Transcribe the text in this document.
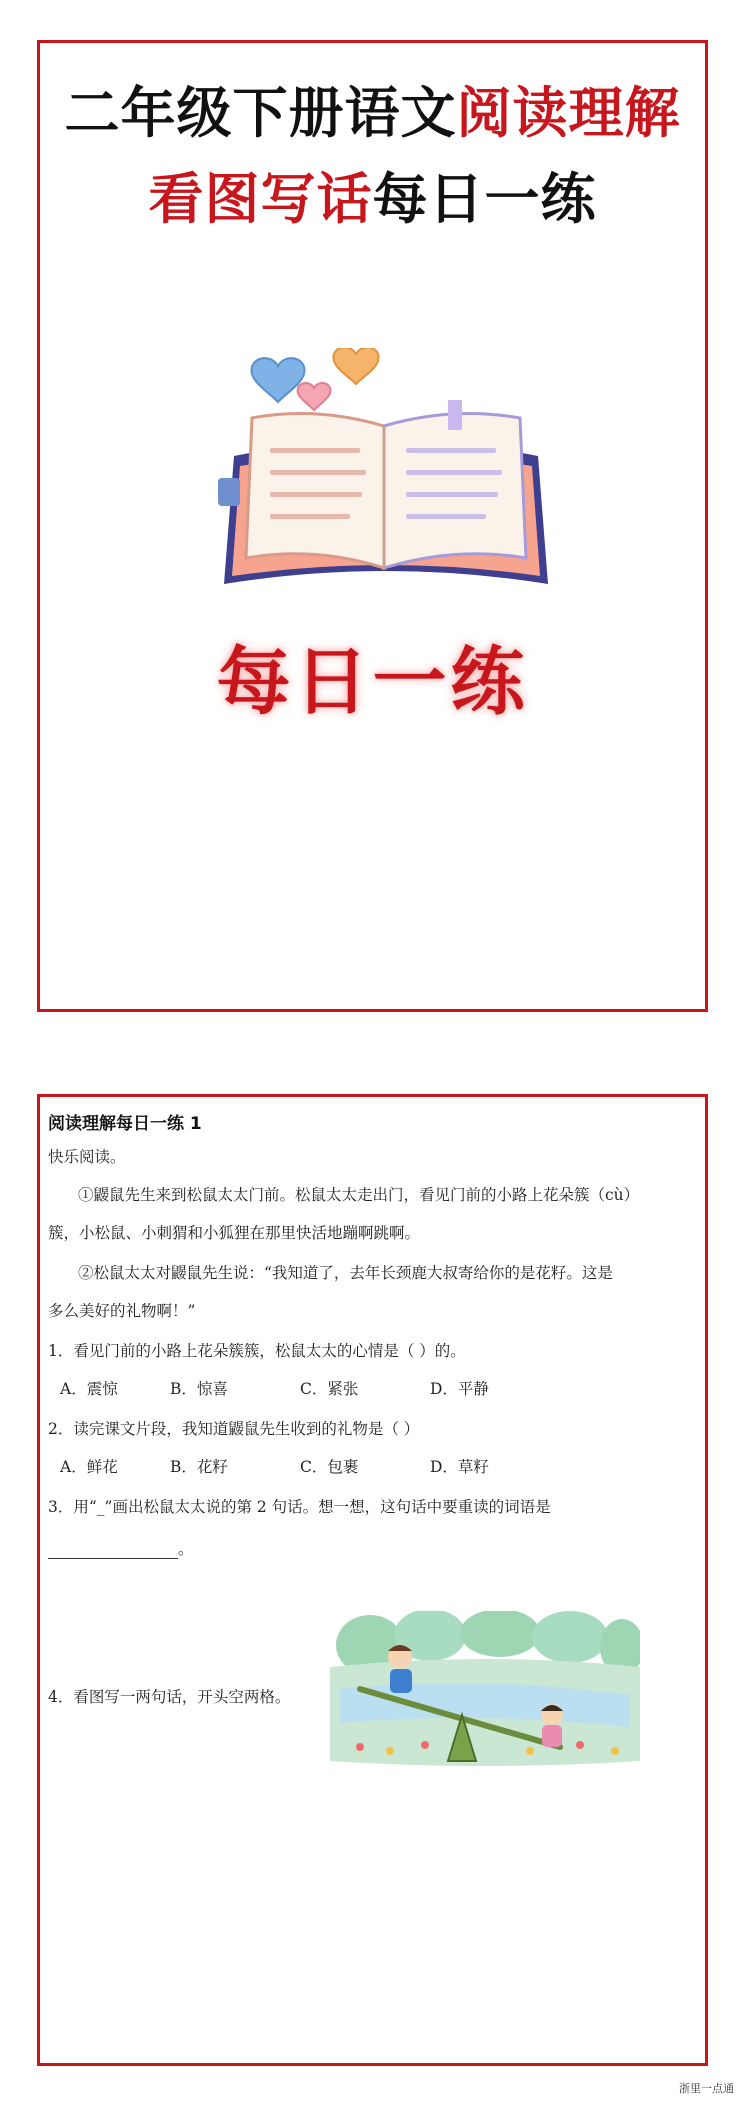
二年级下册语文阅读理解
看图写话每日一练
每日一练
阅读理解每日一练 1
快乐阅读。
①鼹鼠先生来到松鼠太太门前。松鼠太太走出门，看见门前的小路上花朵簇（cù）
簇，小松鼠、小刺猬和小狐狸在那里快活地蹦啊跳啊。
②松鼠太太对鼹鼠先生说：“我知道了，去年长颈鹿大叔寄给你的是花籽。这是
多么美好的礼物啊！”
1．看见门前的小路上花朵簇簇，松鼠太太的心情是（ ）的。
A．震惊	B．惊喜	C．紧张	D．平静
2．读完课文片段，我知道鼹鼠先生收到的礼物是（ ）
A．鲜花	B．花籽	C．包裹	D．草籽
3．用“_”画出松鼠太太说的第 2 句话。想一想，这句话中要重读的词语是
。
4．看图写一两句话，开头空两格。
浙里一点通
